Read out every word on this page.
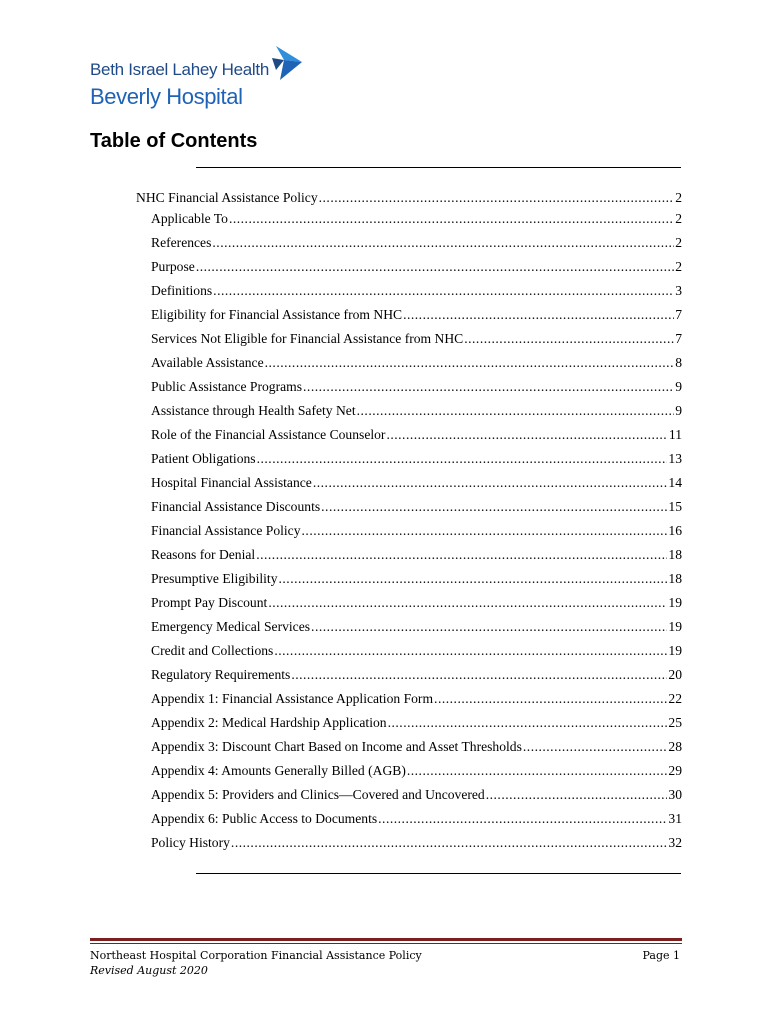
Beth Israel Lahey Health
Beverly Hospital
Table of Contents
NHC Financial Assistance Policy .....	2
Applicable To .....	2
References .....	2
Purpose .....	2
Definitions .....	3
Eligibility for Financial Assistance from NHC .....	7
Services Not Eligible for Financial Assistance from NHC .....	7
Available Assistance .....	8
Public Assistance Programs .....	9
Assistance through Health Safety Net .....	9
Role of the Financial Assistance Counselor .....	11
Patient Obligations .....	13
Hospital Financial Assistance .....	14
Financial Assistance Discounts .....	15
Financial Assistance Policy .....	16
Reasons for Denial .....	18
Presumptive Eligibility .....	18
Prompt Pay Discount .....	19
Emergency Medical Services .....	19
Credit and Collections .....	19
Regulatory Requirements .....	20
Appendix 1: Financial Assistance Application Form .....	22
Appendix 2: Medical Hardship Application .....	25
Appendix 3: Discount Chart Based on Income and Asset Thresholds .....	28
Appendix 4: Amounts Generally Billed (AGB) .....	29
Appendix 5: Providers and Clinics—Covered and Uncovered .....	30
Appendix 6: Public Access to Documents .....	31
Policy History .....	32
Northeast Hospital Corporation Financial Assistance Policy
Revised August 2020
Page 1
